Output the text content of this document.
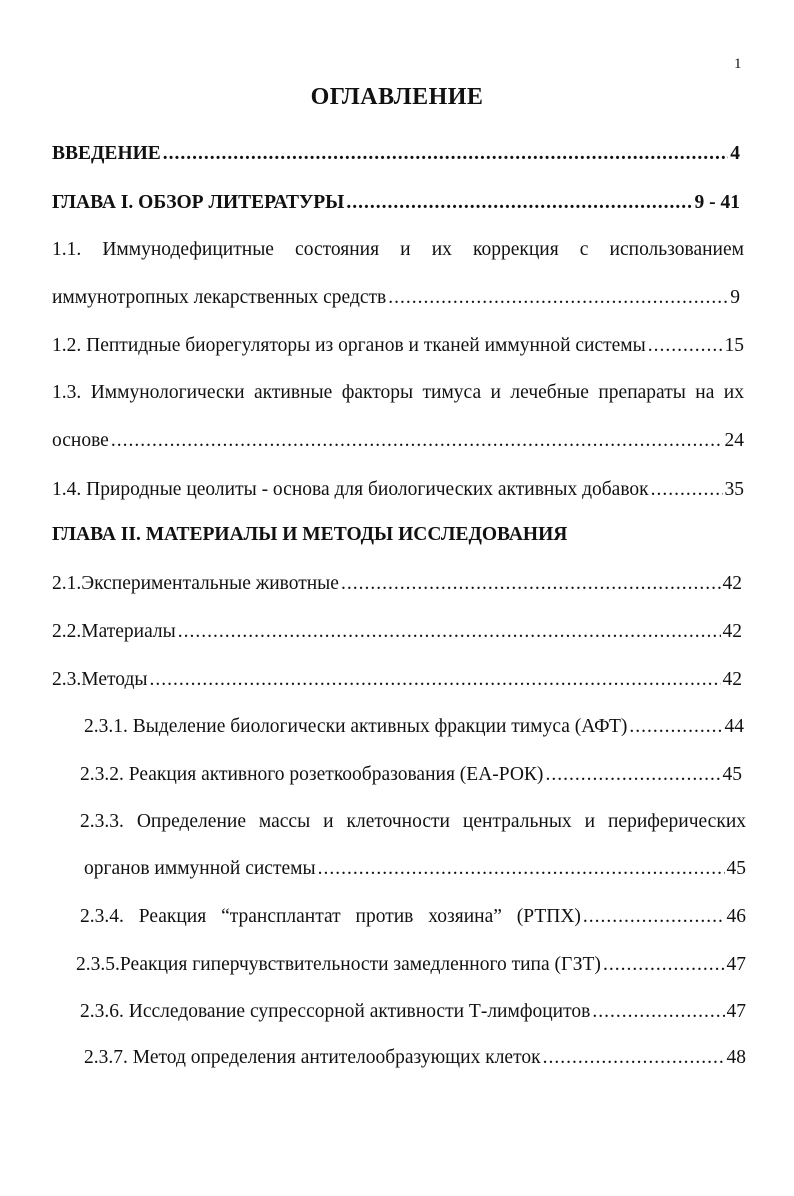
1
ОГЛАВЛЕНИЕ
ВВЕДЕНИЕ .....	4
ГЛАВА I. ОБЗОР ЛИТЕРАТУРЫ .....	9 - 41
1.1. Иммунодефицитные состояния и их коррекция с использованием
иммунотропных лекарственных средств .....	9
1.2. Пептидные биорегуляторы из органов и тканей иммунной системы .....	15
1.3. Иммунологически активные факторы тимуса и лечебные препараты на их
основе .....	24
1.4. Природные цеолиты - основа для биологических активных добавок .....	35
ГЛАВА II. МАТЕРИАЛЫ И МЕТОДЫ ИССЛЕДОВАНИЯ
2.1.Экспериментальные животные .....	42
2.2.Материалы .....	42
2.3.Методы .....	42
2.3.1. Выделение биологически активных фракции тимуса (АФТ) .....	44
2.3.2. Реакция активного розеткообразования (ЕА-РОК) .....	45
2.3.3. Определение массы и клеточности центральных и периферических
органов иммунной системы .....	45
2.3.4. Реакция “трансплантат против хозяина” (РТПХ) .....	46
2.3.5.Реакция гиперчувствительности замедленного типа (ГЗТ) .....	47
2.3.6. Исследование супрессорной активности Т-лимфоцитов .....	47
2.3.7. Метод определения антителообразующих клеток .....	48
